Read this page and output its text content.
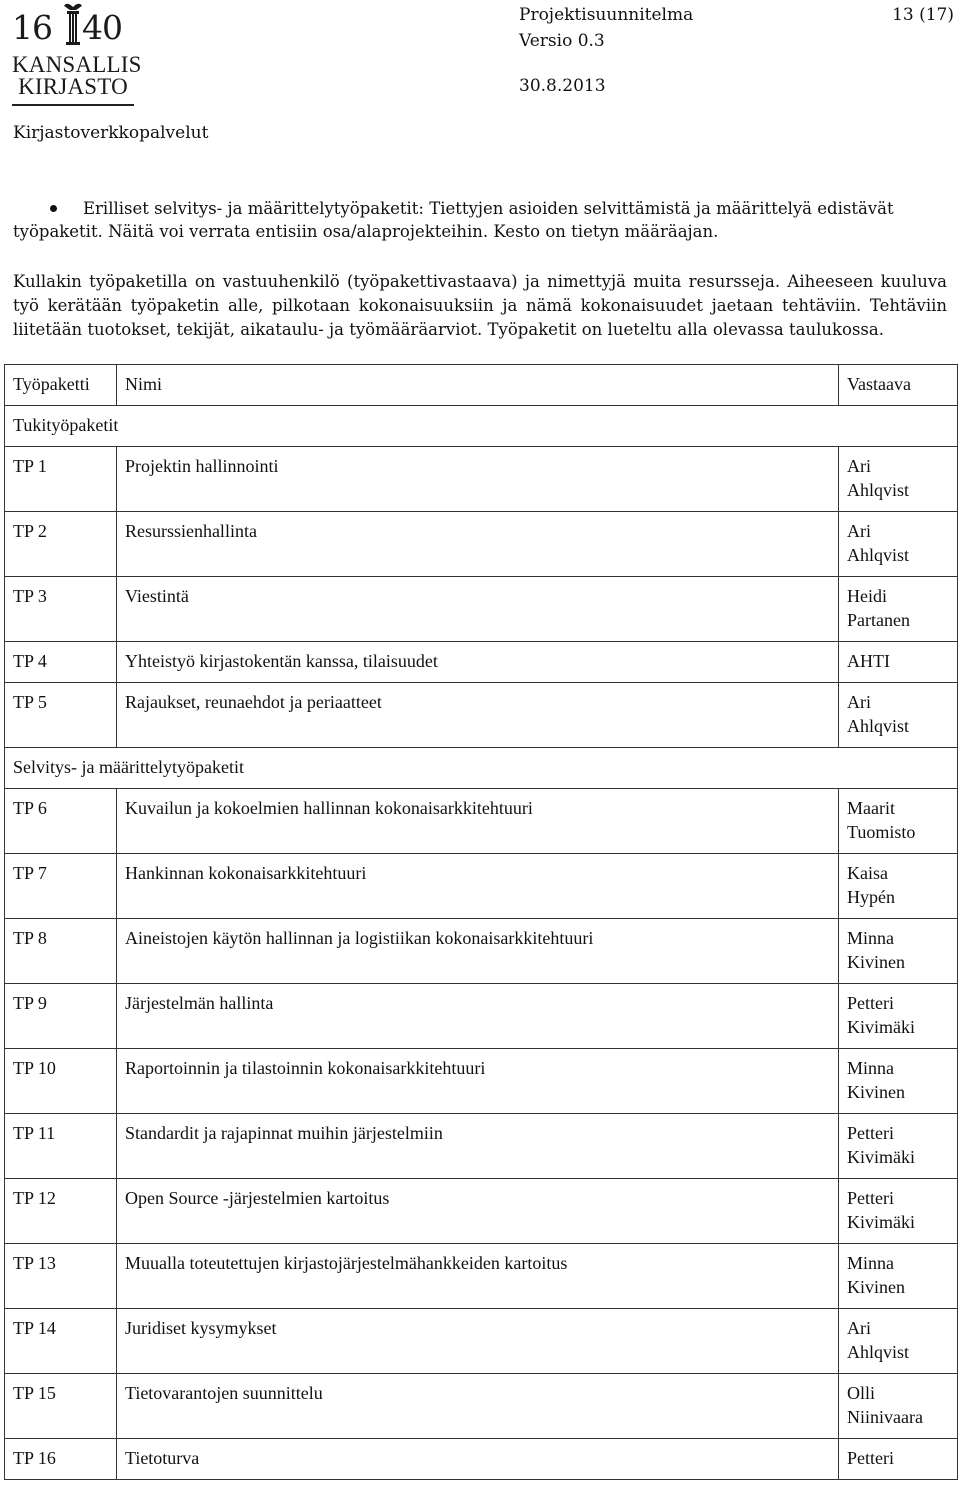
16 40
KANSALLIS
KIRJASTO
Projektisuunnitelma	13 (17)
Versio 0.3
30.8.2013
Kirjastoverkkopalvelut
Erilliset selvitys- ja määrittelytyöpaketit: Tiettyjen asioiden selvittämistä ja määrittelyä edistävät
työpaketit. Näitä voi verrata entisiin osa/alaprojekteihin. Kesto on tietyn määräajan.
Kullakin työpaketilla on vastuuhenkilö (työpakettivastaava) ja nimettyjä muita resursseja. Aiheeseen kuuluva työ kerätään työpaketin alle, pilkotaan kokonaisuuksiin ja nämä kokonaisuudet jaetaan tehtäviin. Tehtäviin liitetään tuotokset, tekijät, aikataulu- ja työmääräarviot. Työpaketit on lueteltu alla olevassa taulukossa.
Työpaketti	Nimi	Vastaava
Tukityöpaketit		
TP 1	Projektin hallinnointi	Ari
Ahlqvist

TP 2	Resurssienhallinta	Ari
Ahlqvist

TP 3	Viestintä	Heidi
Partanen

TP 4	Yhteistyö kirjastokentän kanssa, tilaisuudet	AHTI

TP 5	Rajaukset, reunaehdot ja periaatteet	Ari
Ahlqvist

Selvitys- ja määrittelytyöpaketit		
TP 6	Kuvailun ja kokoelmien hallinnan kokonaisarkkitehtuuri	Maarit
Tuomisto

TP 7	Hankinnan kokonaisarkkitehtuuri	Kaisa
Hypén

TP 8	Aineistojen käytön hallinnan ja logistiikan kokonaisarkkitehtuuri	Minna
Kivinen

TP 9	Järjestelmän hallinta	Petteri
Kivimäki

TP 10	Raportoinnin ja tilastoinnin kokonaisarkkitehtuuri	Minna
Kivinen

TP 11	Standardit ja rajapinnat muihin järjestelmiin	Petteri
Kivimäki

TP 12	Open Source -järjestelmien kartoitus	Petteri
Kivimäki

TP 13	Muualla toteutettujen kirjastojärjestelmähankkeiden kartoitus	Minna
Kivinen

TP 14	Juridiset kysymykset	Ari
Ahlqvist

TP 15	Tietovarantojen suunnittelu	Olli
Niinivaara

TP 16	Tietoturva	Petteri
